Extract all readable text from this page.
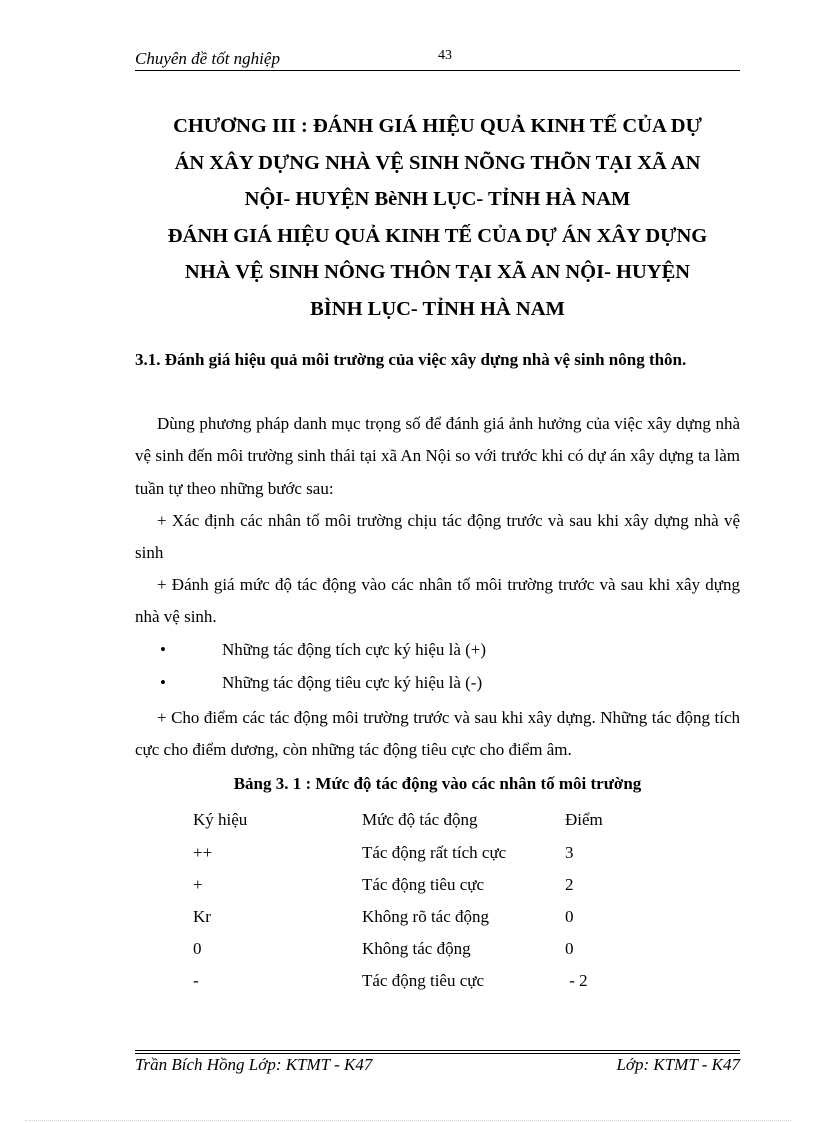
Chuyên đề tốt nghiệp	43
CHƯƠNG III : ĐÁNH GIÁ HIỆU QUẢ KINH TẾ CỦA DỰ
ÁN XÂY DỰNG NHÀ VỆ SINH NÕNG THÕN TẠI XÃ AN
NỘI- HUYỆN BèNH LỤC- TỈNH HÀ NAM
ĐÁNH GIÁ HIỆU QUẢ KINH TẾ CỦA DỰ ÁN XÂY DỰNG
NHÀ VỆ SINH NÔNG THÔN TẠI XÃ AN NỘI- HUYỆN
BÌNH LỤC- TỈNH HÀ NAM
3.1. Đánh giá hiệu quả môi trường của việc xây dựng nhà vệ sinh nông thôn.
Dùng phương pháp danh mục trọng số để đánh giá ảnh hưởng của việc xây dựng nhà vệ sinh đến môi trường sinh thái tại xã An Nội so với trước khi có dự án xây dựng ta làm tuần tự theo những bước sau:
+ Xác định các nhân tố môi trường chịu tác động trước và sau khi xây dựng nhà vệ sinh
+ Đánh giá mức độ tác động vào các nhân tố môi trường trước và sau khi xây dựng nhà vệ sinh.
•	Những tác động tích cực ký hiệu là (+)
•	Những tác động tiêu cực ký hiệu là (-)
+ Cho điểm các tác động môi trường trước và sau khi xây dựng. Những tác động tích cực cho điểm dương, còn những tác động tiêu cực cho điểm âm.
Bảng 3. 1 : Mức độ tác động vào các nhân tố môi trường
Ký hiệu	Mức độ tác động	Điểm
++	Tác động rất tích cực	3
+	Tác động tiêu cực	2
Kr	Không rõ tác động	0
0	Không tác động	0
-	Tác động tiêu cực	- 2
Trần Bích Hồng Lớp: KTMT - K47	Lớp: KTMT - K47
